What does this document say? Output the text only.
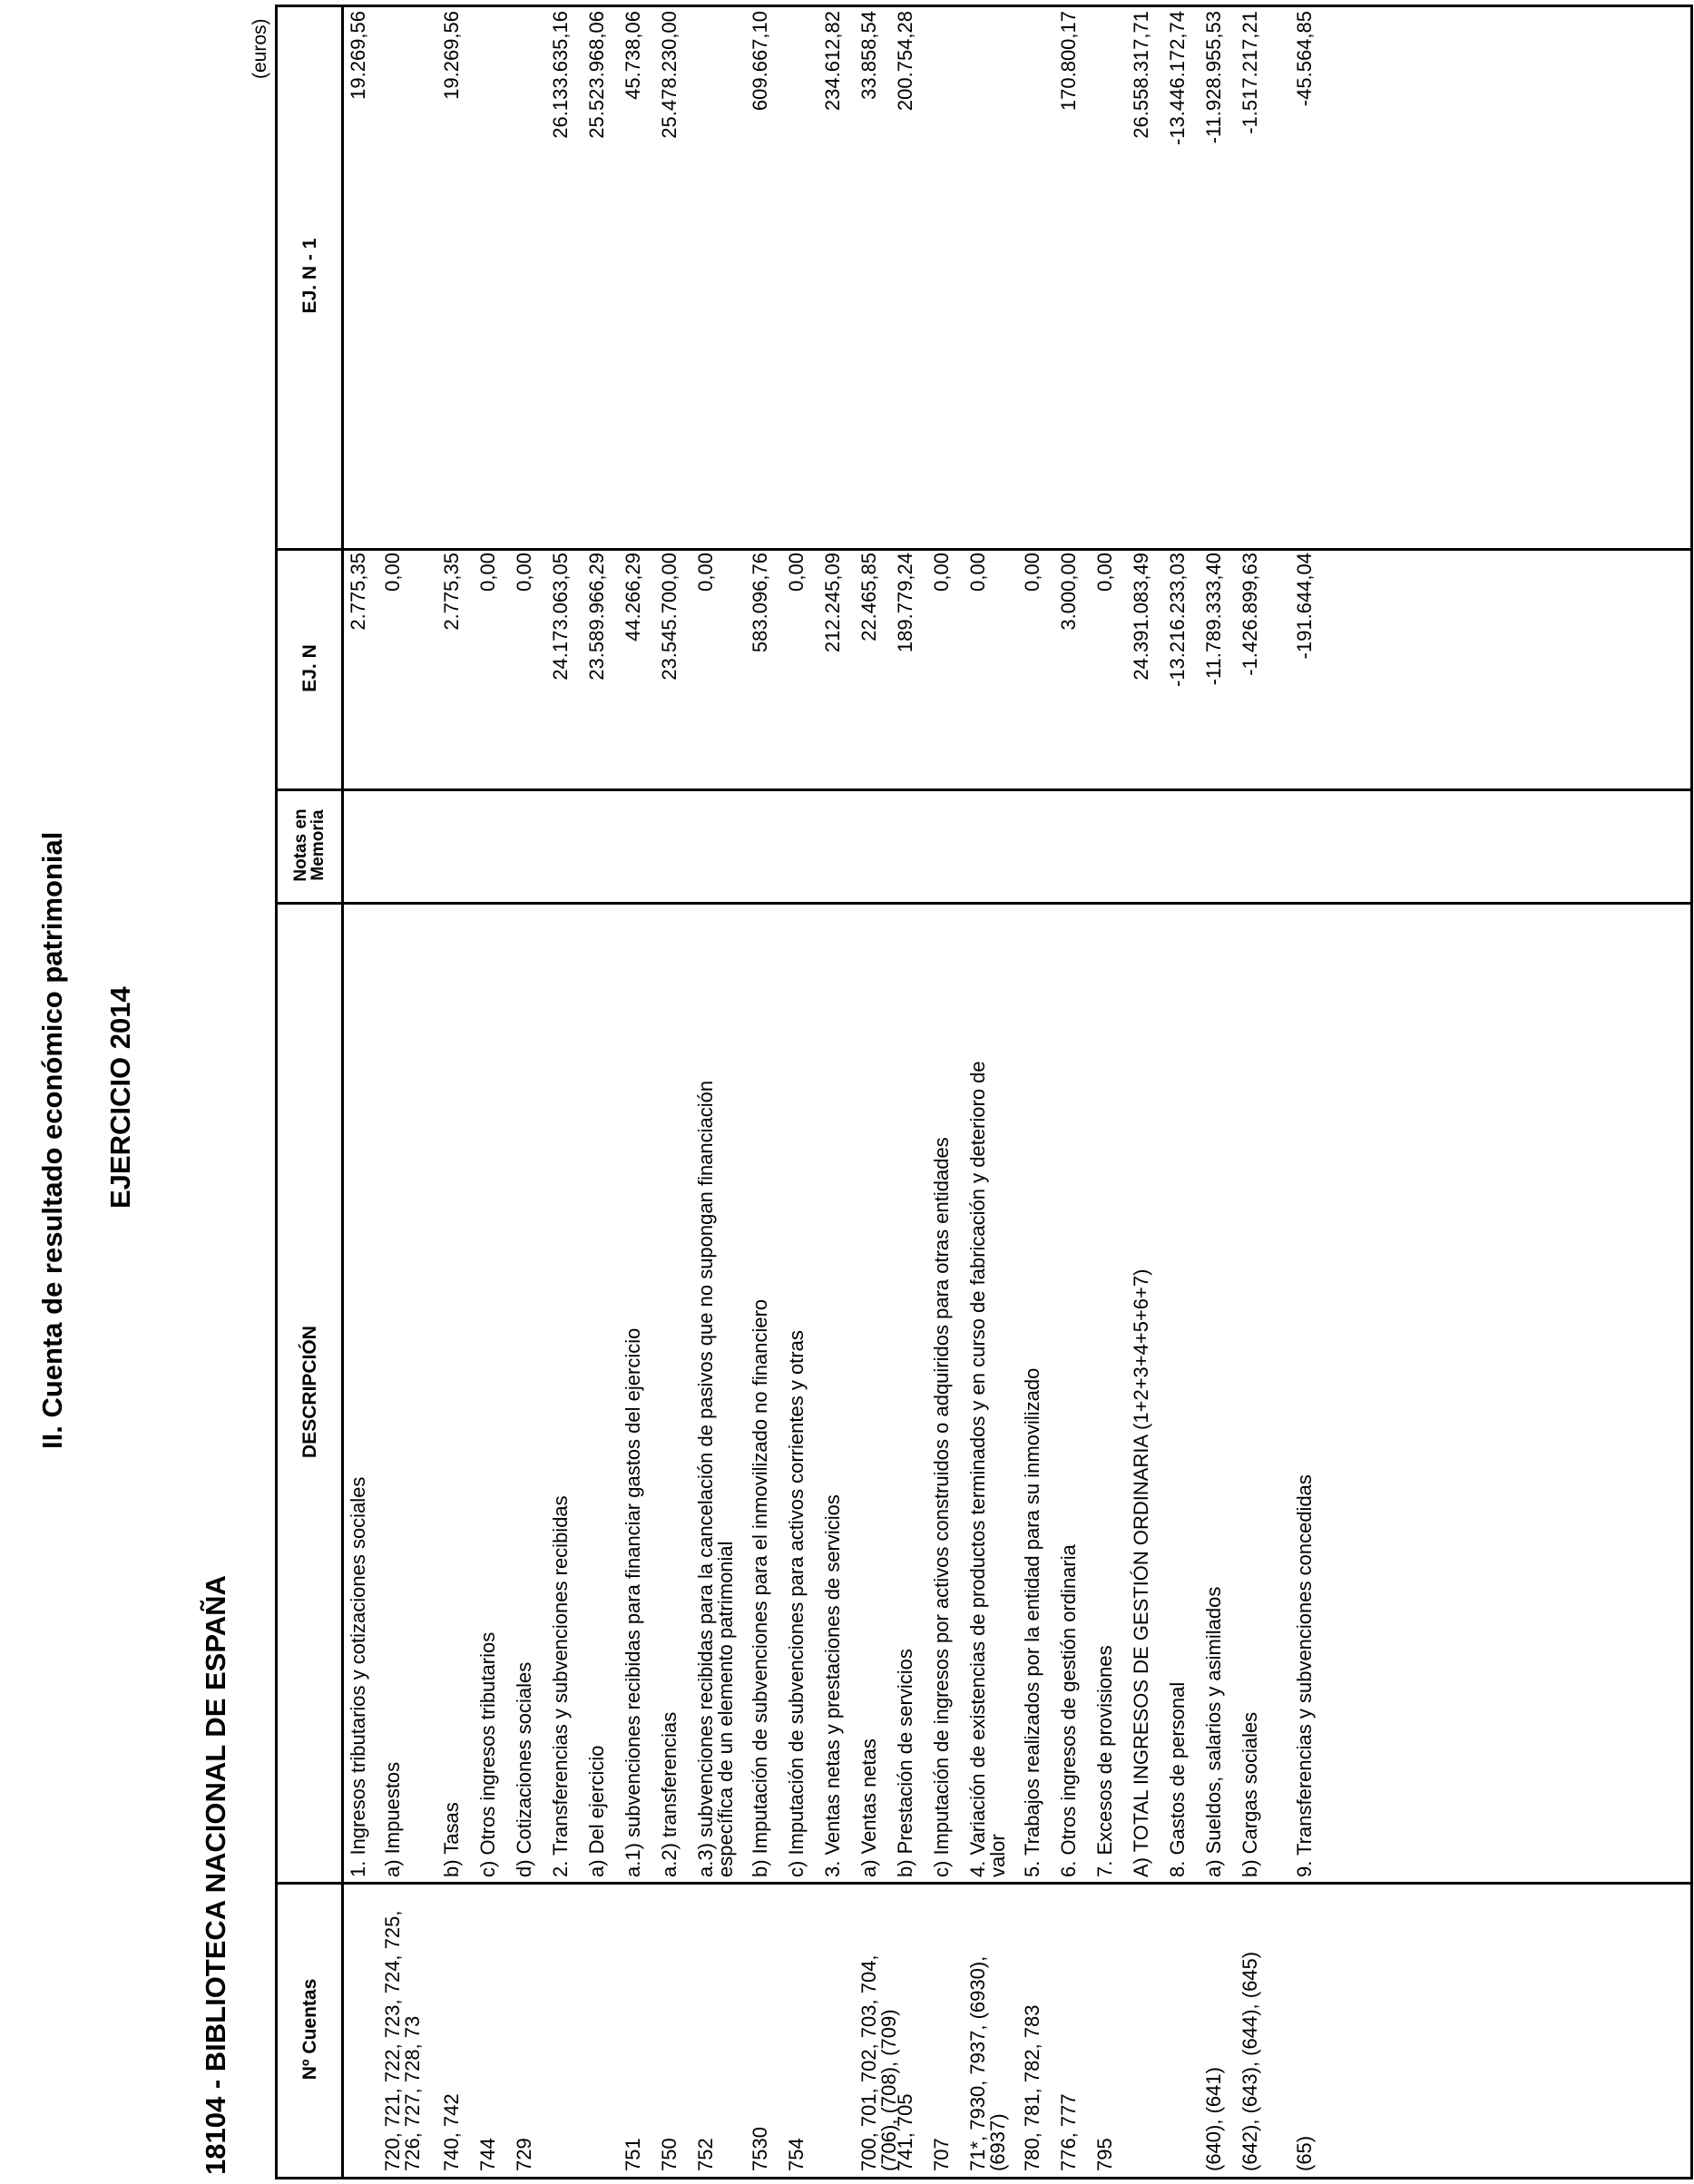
II. Cuenta de resultado económico patrimonial EJERCICIO 2014
18104 - BIBLIOTECA NACIONAL DE ESPAÑA
(euros)
Nº Cuentas
DESCRIPCIÓN
Notas en Memoria
EJ. N
EJ. N - 1
1. Ingresos tributarios y cotizaciones sociales
2.775,35
19.269,56
720, 721, 722, 723, 724, 725, 726, 727, 728, 73
a) Impuestos
0,00
740, 742
b) Tasas
2.775,35
19.269,56
744
c) Otros ingresos tributarios
0,00
729
d) Cotizaciones sociales
0,00
2. Transferencias y subvenciones recibidas
24.173.063,05
26.133.635,16
a) Del ejercicio
23.589.966,29
25.523.968,06
751
a.1) subvenciones recibidas para financiar gastos del ejercicio
44.266,29
45.738,06
750
a.2) transferencias
23.545.700,00
25.478.230,00
752
a.3) subvenciones recibidas para la cancelación de pasivos que no supongan financiación específica de un elemento patrimonial
0,00
7530
b) Imputación de subvenciones para el inmovilizado no financiero
583.096,76
609.667,10
754
c) Imputación de subvenciones para activos corrientes y otras
0,00
3. Ventas netas y prestaciones de servicios
212.245,09
234.612,82
700, 701, 702, 703, 704, (706), (708), (709)
a) Ventas netas
22.465,85
33.858,54
741, 705
b) Prestación de servicios
189.779,24
200.754,28
707
c) Imputación de ingresos por activos construidos o adquiridos para otras entidades
0,00
71*, 7930, 7937, (6930), (6937)
4. Variación de existencias de productos terminados y en curso de fabricación y deterioro de valor
0,00
780, 781, 782, 783
5. Trabajos realizados por la entidad para su inmovilizado
0,00
776, 777
6. Otros ingresos de gestión ordinaria
3.000,00
170.800,17
795
7. Excesos de provisiones
0,00
A) TOTAL INGRESOS DE GESTIÓN ORDINARIA (1+2+3+4+5+6+7)
24.391.083,49
26.558.317,71
8. Gastos de personal
-13.216.233,03
-13.446.172,74
(640), (641)
a) Sueldos, salarios y asimilados
-11.789.333,40
-11.928.955,53
(642), (643), (644), (645)
b) Cargas sociales
-1.426.899,63
-1.517.217,21
(65)
9. Transferencias y subvenciones concedidas
-191.644,04
-45.564,85
